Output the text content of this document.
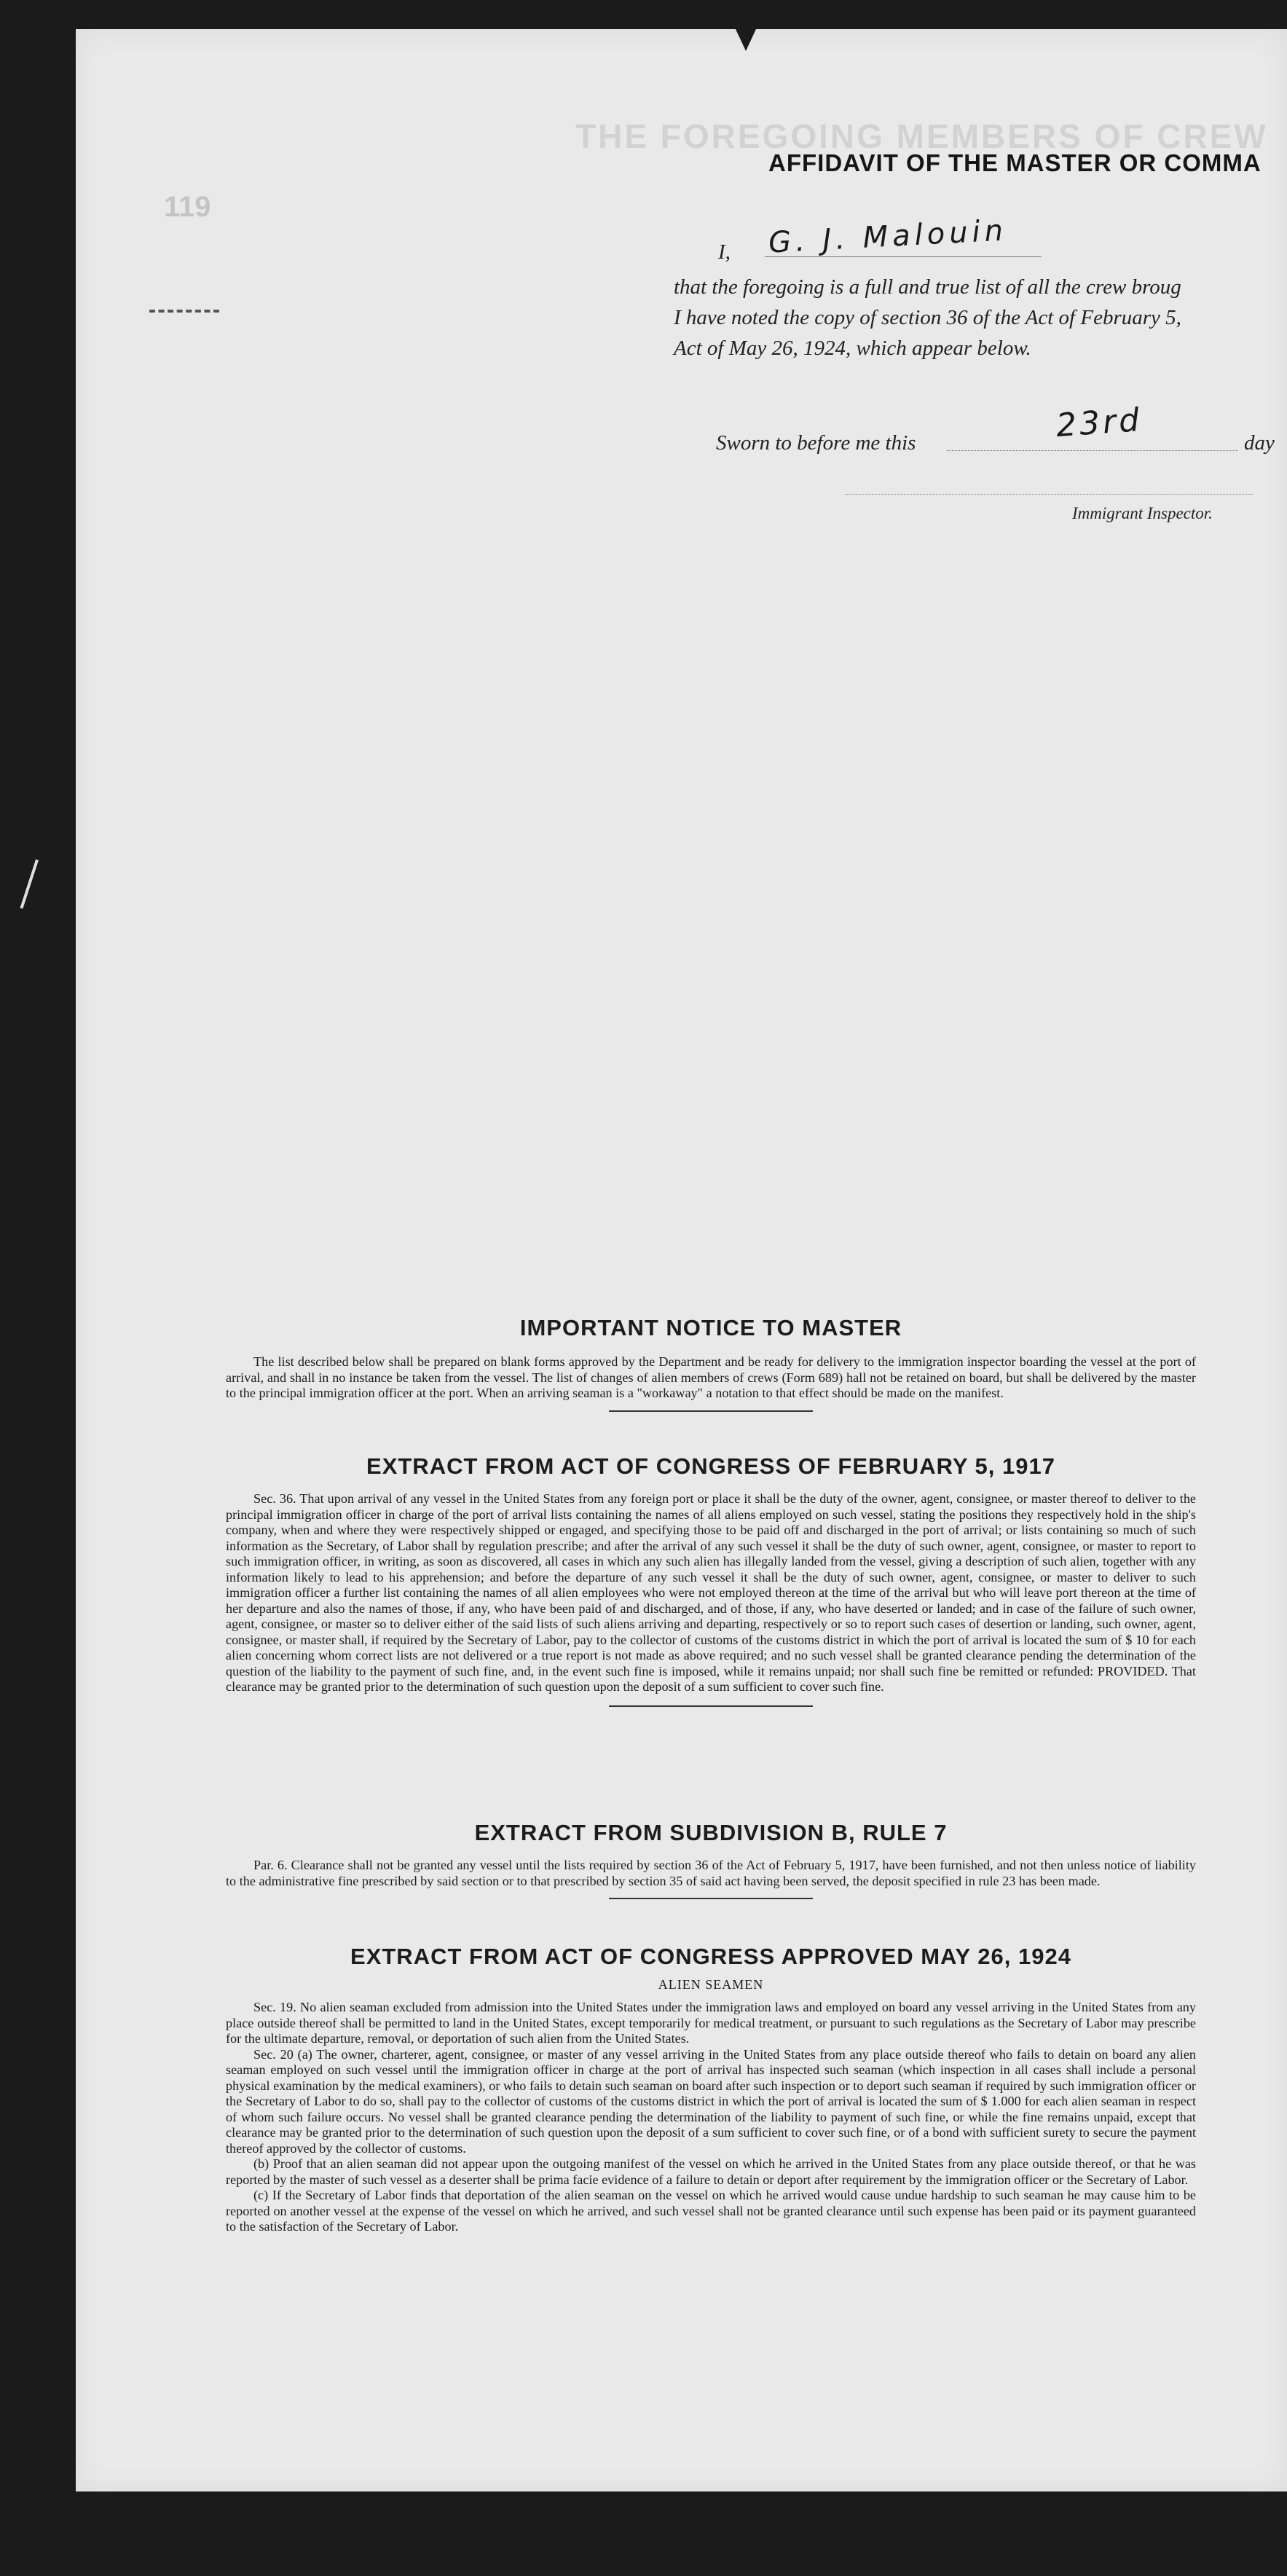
THE FOREGOING MEMBERS OF CREW
119
AFFIDAVIT OF THE MASTER OR COMMA
I, G. J. Malouin
that the foregoing is a full and true list of all the crew broug
I have noted the copy of section 36 of the Act of February 5,
Act of May 26, 1924, which appear below.
Sworn to before me this	23rd	day
Immigrant Inspector.
IMPORTANT NOTICE TO MASTER

The list described below shall be prepared on blank forms approved by the Department and be ready for delivery to the immigration inspector boarding the vessel at the port of arrival, and shall in no instance be taken from the vessel. The list of changes of alien members of crews (Form 689) hall not be retained on board, but shall be delivered by the master to the principal immigration officer at the port. When an arriving seaman is a "workaway" a notation to that effect should be made on the manifest.

EXTRACT FROM ACT OF CONGRESS OF FEBRUARY 5, 1917

Sec. 36. That upon arrival of any vessel in the United States from any foreign port or place it shall be the duty of the owner, agent, consignee, or master thereof to deliver to the principal immigration officer in charge of the port of arrival lists containing the names of all aliens employed on such vessel, stating the positions they respectively hold in the ship's company, when and where they were respectively shipped or engaged, and specifying those to be paid off and discharged in the port of arrival; or lists containing so much of such information as the Secretary, of Labor shall by regulation prescribe; and after the arrival of any such vessel it shall be the duty of such owner, agent, consignee, or master to report to such immigration officer, in writing, as soon as discovered, all cases in which any such alien has illegally landed from the vessel, giving a description of such alien, together with any information likely to lead to his apprehension; and before the departure of any such vessel it shall be the duty of such owner, agent, consignee, or master to deliver to such immigration officer a further list containing the names of all alien employees who were not employed thereon at the time of the arrival but who will leave port thereon at the time of her departure and also the names of those, if any, who have been paid of and discharged, and of those, if any, who have deserted or landed; and in case of the failure of such owner, agent, consignee, or master so to deliver either of the said lists of such aliens arriving and departing, respectively or so to report such cases of desertion or landing, such owner, agent, consignee, or master shall, if required by the Secretary of Labor, pay to the collector of customs of the customs district in which the port of arrival is located the sum of $ 10 for each alien concerning whom correct lists are not delivered or a true report is not made as above required; and no such vessel shall be granted clearance pending the determination of the question of the liability to the payment of such fine, and, in the event such fine is imposed, while it remains unpaid; nor shall such fine be remitted or refunded: PROVIDED. That clearance may be granted prior to the determination of such question upon the deposit of a sum sufficient to cover such fine.

EXTRACT FROM SUBDIVISION B, RULE 7

Par. 6. Clearance shall not be granted any vessel until the lists required by section 36 of the Act of February 5, 1917, have been furnished, and not then unless notice of liability to the administrative fine prescribed by said section or to that prescribed by section 35 of said act having been served, the deposit specified in rule 23 has been made.

EXTRACT FROM ACT OF CONGRESS APPROVED MAY 26, 1924
ALIEN SEAMEN

Sec. 19. No alien seaman excluded from admission into the United States under the immigration laws and employed on board any vessel arriving in the United States from any place outside thereof shall be permitted to land in the United States, except temporarily for medical treatment, or pursuant to such regulations as the Secretary of Labor may prescribe for the ultimate departure, removal, or deportation of such alien from the United States.

Sec. 20 (a) The owner, charterer, agent, consignee, or master of any vessel arriving in the United States from any place outside thereof who fails to detain on board any alien seaman employed on such vessel until the immigration officer in charge at the port of arrival has inspected such seaman (which inspection in all cases shall include a personal physical examination by the medical examiners), or who fails to detain such seaman on board after such inspection or to deport such seaman if required by such immigration officer or the Secretary of Labor to do so, shall pay to the collector of customs of the customs district in which the port of arrival is located the sum of $ 1.000 for each alien seaman in respect of whom such failure occurs. No vessel shall be granted clearance pending the determination of the liability to payment of such fine, or while the fine remains unpaid, except that clearance may be granted prior to the determination of such question upon the deposit of a sum sufficient to cover such fine, or of a bond with sufficient surety to secure the payment thereof approved by the collector of customs.

(b) Proof that an alien seaman did not appear upon the outgoing manifest of the vessel on which he arrived in the United States from any place outside thereof, or that he was reported by the master of such vessel as a deserter shall be prima facie evidence of a failure to detain or deport after requirement by the immigration officer or the Secretary of Labor.

(c) If the Secretary of Labor finds that deportation of the alien seaman on the vessel on which he arrived would cause undue hardship to such seaman he may cause him to be reported on another vessel at the expense of the vessel on which he arrived, and such vessel shall not be granted clearance until such expense has been paid or its payment guaranteed to the satisfaction of the Secretary of Labor.
